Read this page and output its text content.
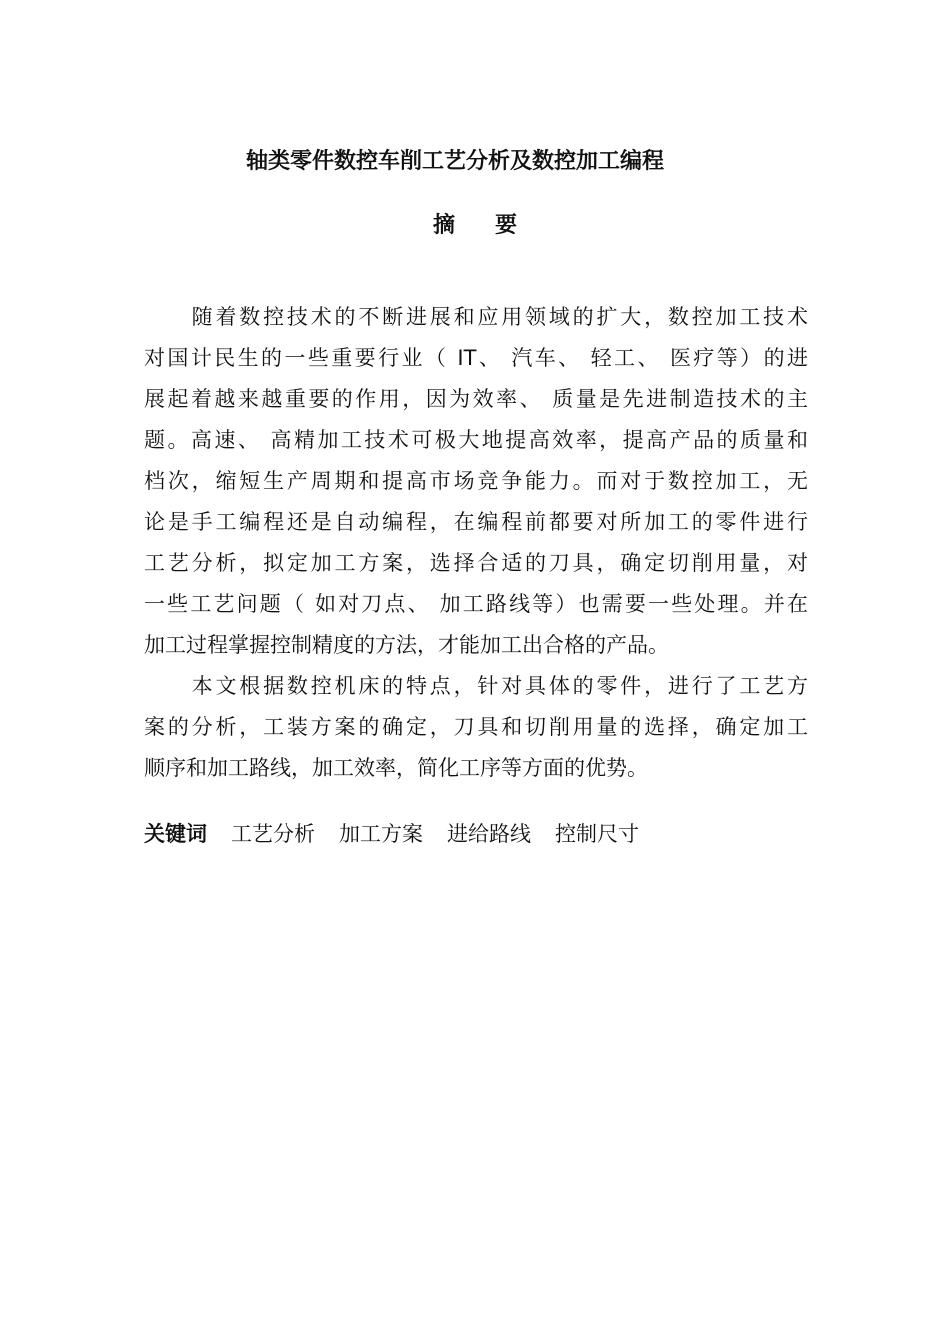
轴类零件数控车削工艺分析及数控加工编程
摘 要
　　随着数控技术的不断进展和应用领域的扩大，数控加工技术
对国计民生的一些重要行业（ IT、 汽车、 轻工、 医疗等）的进
展起着越来越重要的作用，因为效率、 质量是先进制造技术的主
题。高速、 高精加工技术可极大地提高效率，提高产品的质量和
档次，缩短生产周期和提高市场竞争能力。而对于数控加工，无
论是手工编程还是自动编程，在编程前都要对所加工的零件进行
工艺分析，拟定加工方案，选择合适的刀具，确定切削用量，对
一些工艺问题（ 如对刀点、 加工路线等）也需要一些处理。并在
加工过程掌握控制精度的方法，才能加工出合格的产品。
　　本文根据数控机床的特点，针对具体的零件，进行了工艺方
案的分析，工装方案的确定，刀具和切削用量的选择，确定加工
顺序和加工路线，加工效率，简化工序等方面的优势。
关键词 工艺分析 加工方案 进给路线 控制尺寸
